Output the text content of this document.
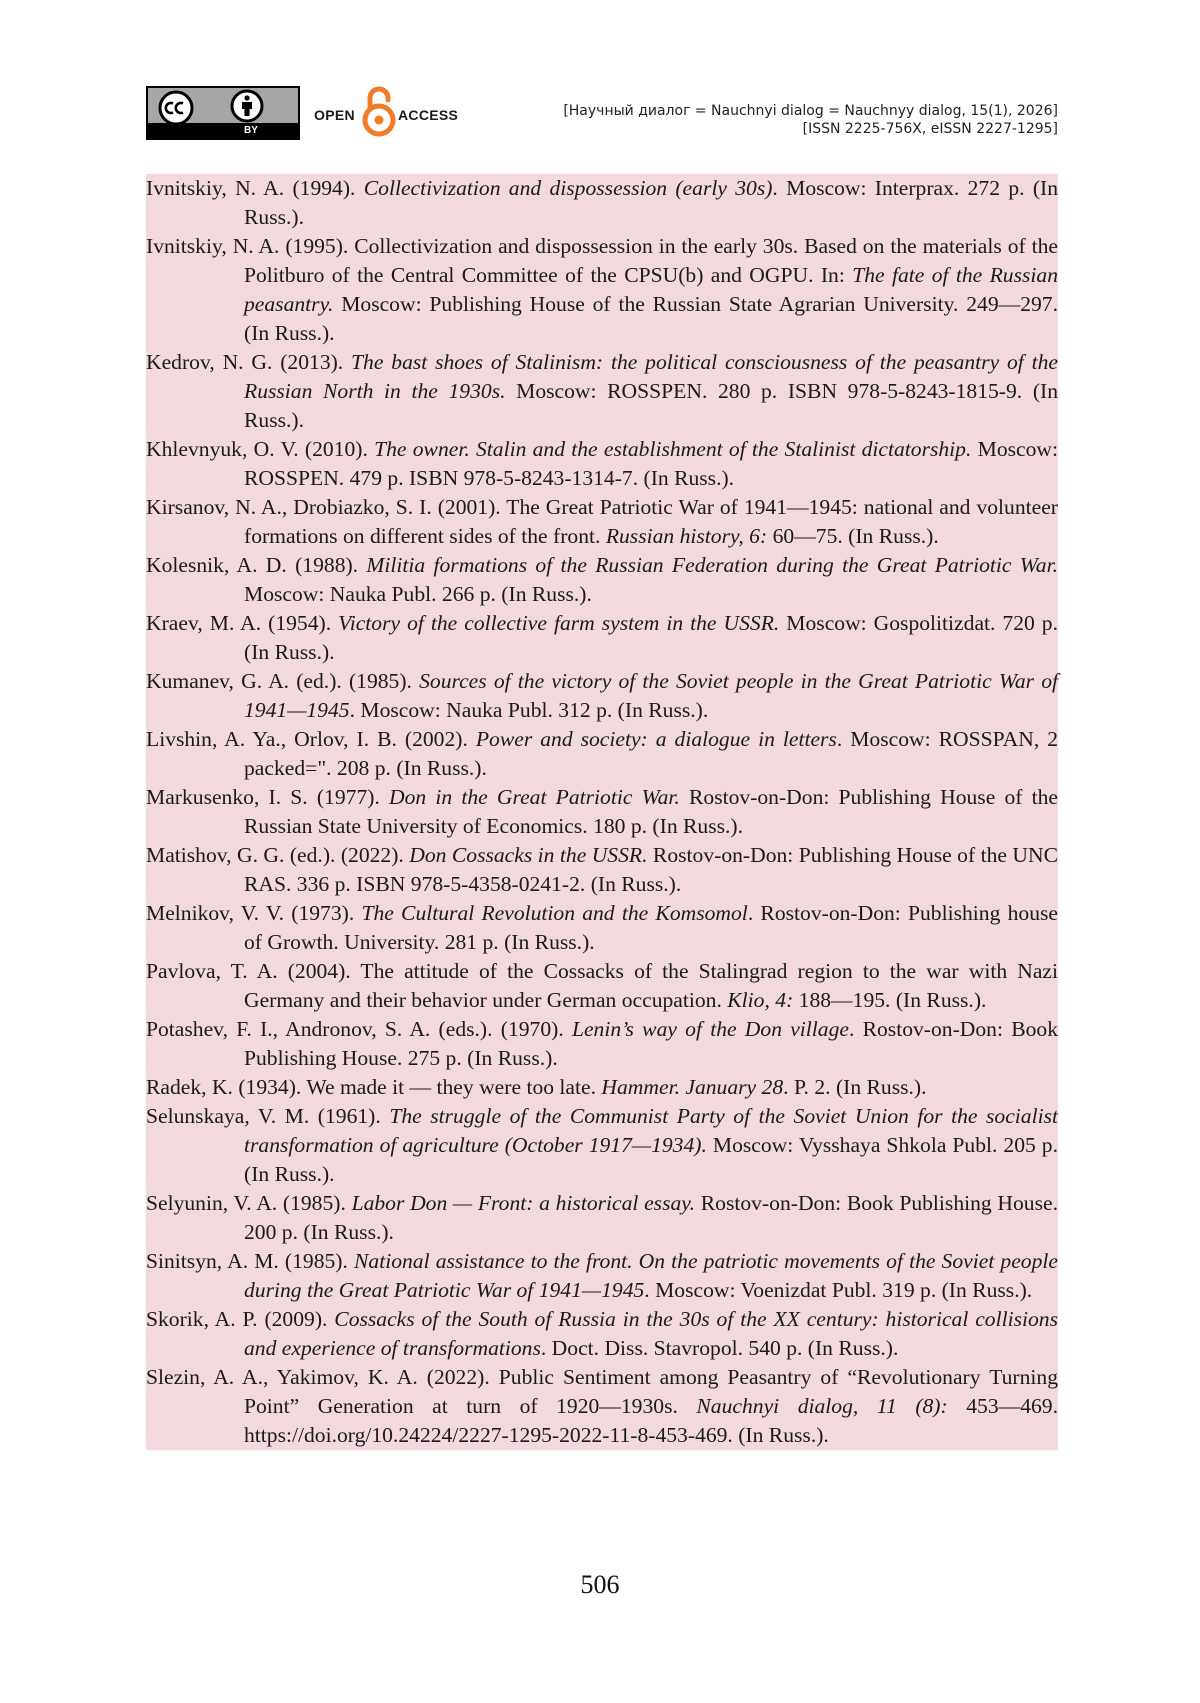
BY
OPEN	ACCESS	[Научный диалог = Nauchnyi dialog = Nauchnyy dialog, 15(1), 2026]
[ISSN 2225-756X, eISSN 2227-1295]

Ivnitskiy, N. A. (1994). Collectivization and dispossession (early 30s). Moscow: Interprax. 272 p. (In Russ.).

Ivnitskiy, N. A. (1995). Collectivization and dispossession in the early 30s. Based on the materials of the Politburo of the Central Committee of the CPSU(b) and OGPU. In: The fate of the Russian peasantry. Moscow: Publishing House of the Russian State Agrarian University. 249—297. (In Russ.).

Kedrov, N. G. (2013). The bast shoes of Stalinism: the political consciousness of the peasantry of the Russian North in the 1930s. Moscow: ROSSPEN. 280 p. ISBN 978-5-8243-1815-9. (In Russ.).

Khlevnyuk, O. V. (2010). The owner. Stalin and the establishment of the Stalinist dictatorship. Moscow: ROSSPEN. 479 p. ISBN 978-5-8243-1314-7. (In Russ.).

Kirsanov, N. A., Drobiazko, S. I. (2001). The Great Patriotic War of 1941—1945: national and volunteer formations on different sides of the front. Russian history, 6: 60—75. (In Russ.).

Kolesnik, A. D. (1988). Militia formations of the Russian Federation during the Great Patriotic War. Moscow: Nauka Publ. 266 p. (In Russ.).

Kraev, M. A. (1954). Victory of the collective farm system in the USSR. Moscow: Gospolitizdat. 720 p. (In Russ.).

Kumanev, G. A. (ed.). (1985). Sources of the victory of the Soviet people in the Great Patriotic War of 1941—1945. Moscow: Nauka Publ. 312 p. (In Russ.).

Livshin, A. Ya., Orlov, I. B. (2002). Power and society: a dialogue in letters. Moscow: ROSSPAN, 2 packed=". 208 p. (In Russ.).

Markusenko, I. S. (1977). Don in the Great Patriotic War. Rostov-on-Don: Publishing House of the Russian State University of Economics. 180 p. (In Russ.).

Matishov, G. G. (ed.). (2022). Don Cossacks in the USSR. Rostov-on-Don: Publishing House of the UNC RAS. 336 p. ISBN 978-5-4358-0241-2. (In Russ.).

Melnikov, V. V. (1973). The Cultural Revolution and the Komsomol. Rostov-on-Don: Publishing house of Growth. University. 281 p. (In Russ.).

Pavlova, T. A. (2004). The attitude of the Cossacks of the Stalingrad region to the war with Nazi Germany and their behavior under German occupation. Klio, 4: 188—195. (In Russ.).

Potashev, F. I., Andronov, S. A. (eds.). (1970). Lenin’s way of the Don village. Rostov-on-Don: Book Publishing House. 275 p. (In Russ.).

Radek, K. (1934). We made it — they were too late. Hammer. January 28. P. 2. (In Russ.).

Selunskaya, V. M. (1961). The struggle of the Communist Party of the Soviet Union for the socialist transformation of agriculture (October 1917—1934). Moscow: Vysshaya Shkola Publ. 205 p. (In Russ.).

Selyunin, V. A. (1985). Labor Don — Front: a historical essay. Rostov-on-Don: Book Publishing House. 200 p. (In Russ.).

Sinitsyn, A. M. (1985). National assistance to the front. On the patriotic movements of the Soviet people during the Great Patriotic War of 1941—1945. Moscow: Voenizdat Publ. 319 p. (In Russ.).

Skorik, A. P. (2009). Cossacks of the South of Russia in the 30s of the XX century: historical collisions and experience of transformations. Doct. Diss. Stavropol. 540 p. (In Russ.).

Slezin, A. A., Yakimov, K. A. (2022). Public Sentiment among Peasantry of “Revolutionary Turning Point” Generation at turn of 1920—1930s. Nauchnyi dialog, 11 (8): 453—469. https://doi.org/10.24224/2227-1295-2022-11-8-453-469. (In Russ.).

506
